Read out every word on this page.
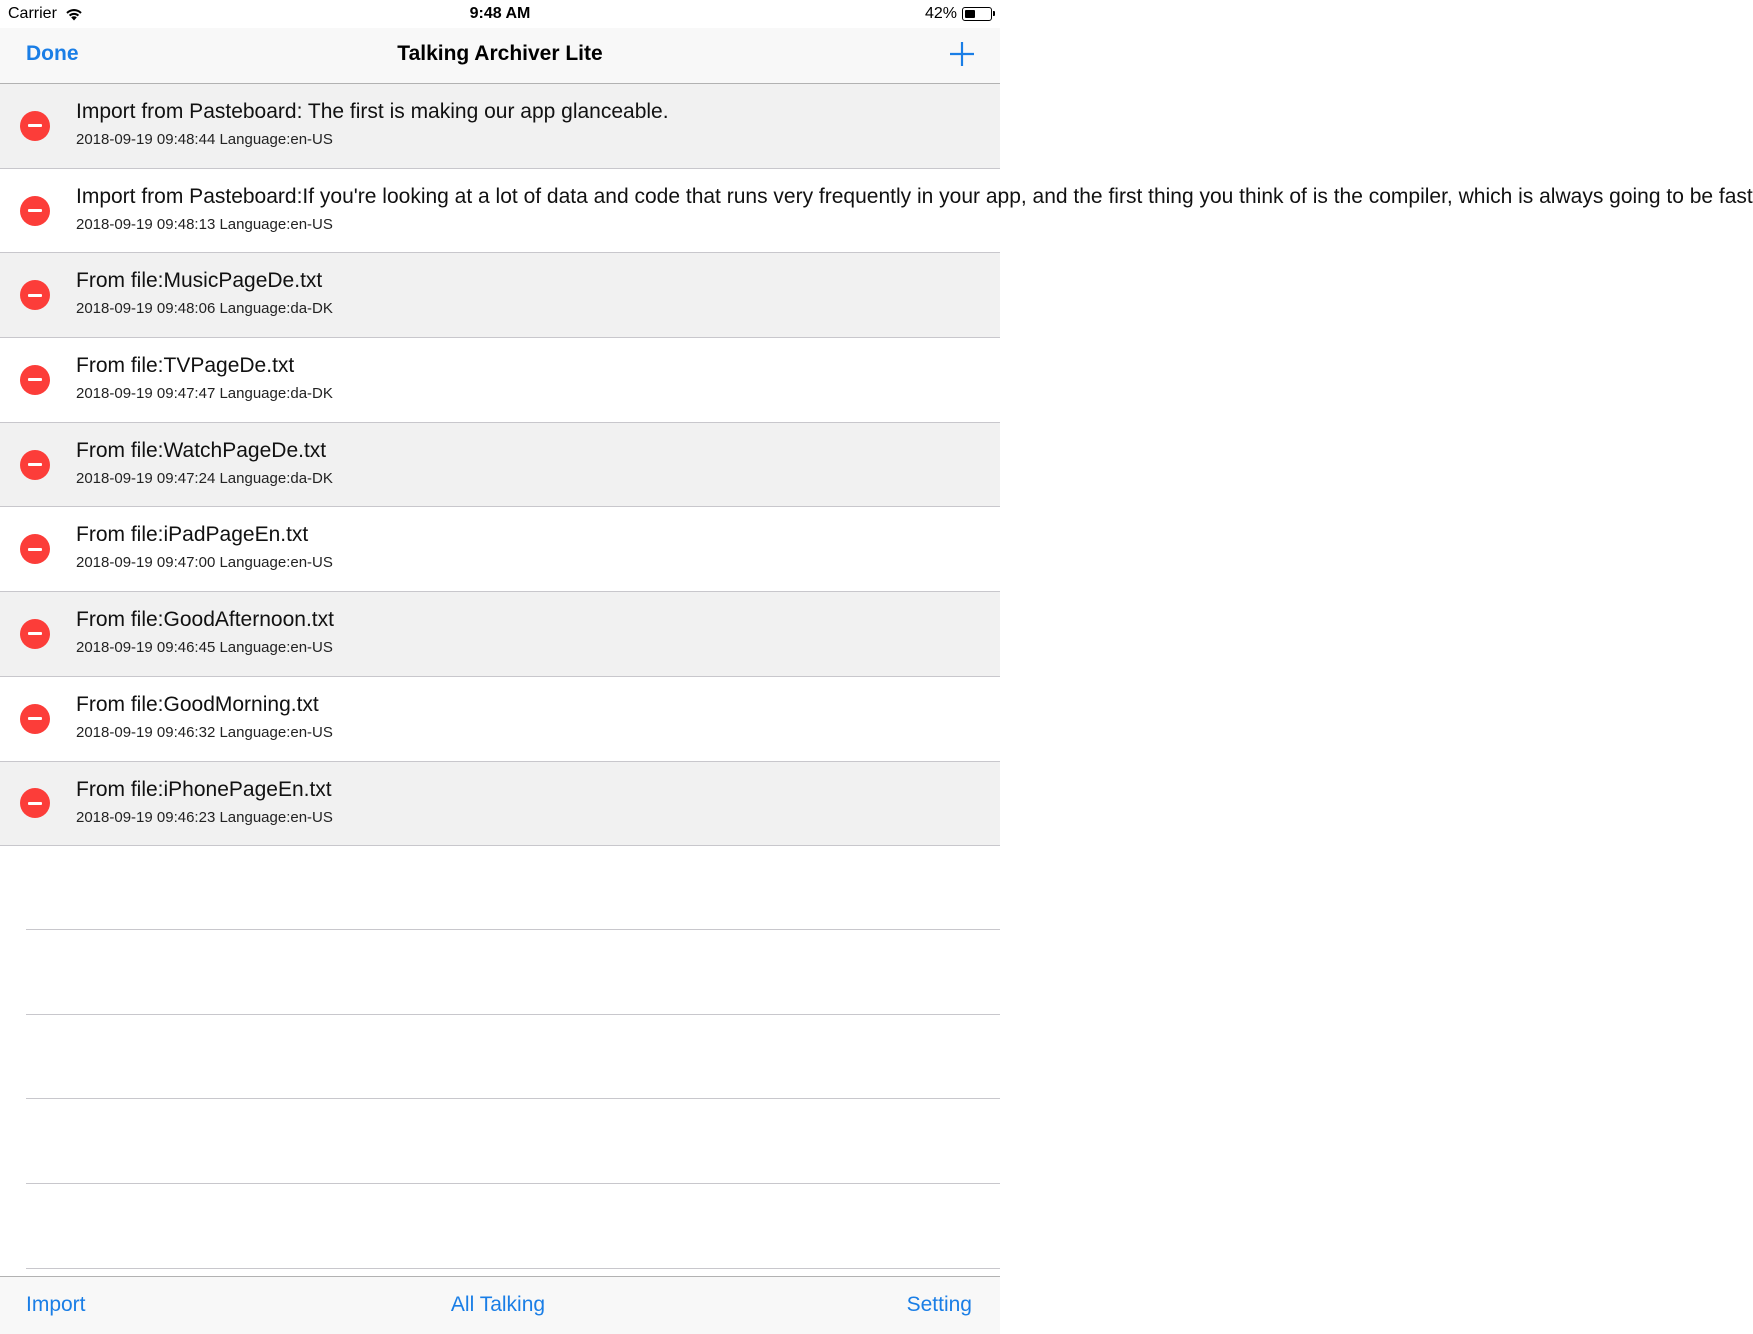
Carrier	9:48 AM	42%
Done	Talking Archiver Lite
Import from Pasteboard: The first is making our app glanceable.
2018-09-19 09:48:44 Language:en-US
Import from Pasteboard:If you're looking at a lot of data and code that runs very frequently in your app, and the first thing you think of is the compiler, which is always going to be fast
2018-09-19 09:48:13 Language:en-US
From file:MusicPageDe.txt
2018-09-19 09:48:06 Language:da-DK
From file:TVPageDe.txt
2018-09-19 09:47:47 Language:da-DK
From file:WatchPageDe.txt
2018-09-19 09:47:24 Language:da-DK
From file:iPadPageEn.txt
2018-09-19 09:47:00 Language:en-US
From file:GoodAfternoon.txt
2018-09-19 09:46:45 Language:en-US
From file:GoodMorning.txt
2018-09-19 09:46:32 Language:en-US
From file:iPhonePageEn.txt
2018-09-19 09:46:23 Language:en-US
Import	All Talking	Setting
